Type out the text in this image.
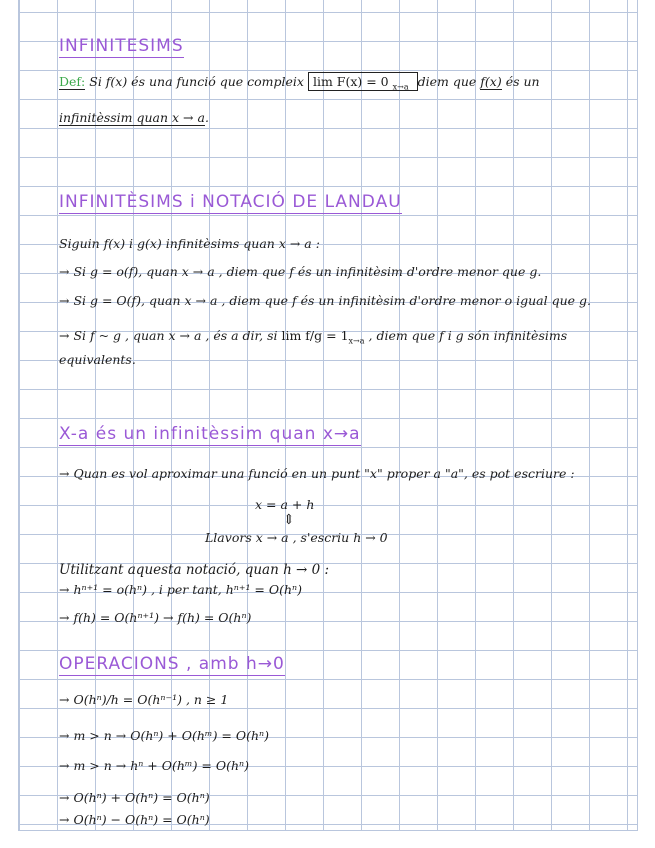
INFINITESIMS
Def: Si f(x) és una funció que compleix lim F(x) = 0 $_{x\to a}$ diem que f(x) és un
infinitèssim quan x → a.
INFINITÈSIMS i NOTACIÓ DE LANDAU
Siguin f(x) i g(x) infinitèsims quan x → a :
→ Si g = o(f), quan x → a , diem que f és un infinitèsim d'ordre menor que g.
→ Si g = O(f), quan x → a , diem que f és un infinitèsim d'ordre menor o igual que g.
→ Si f ~ g , quan x → a , és a dir, si $\lim f/g = 1_{x\to a}$ , diem que f i g són infinitèsims
equivalents.
X-a és un infinitèssim quan x→a
→ Quan es vol aproximar una funció en un punt "x" proper a "a", es pot escriure :
x = a + h
⇕
Llavors x → a , s'escriu h → 0
Utilitzant aquesta notació, quan h → 0 :
→ hⁿ⁺¹ = o(hⁿ) , i per tant, hⁿ⁺¹ = O(hⁿ)
→ f(h) = O(hⁿ⁺¹) → f(h) = O(hⁿ)
OPERACIONS , amb h→0
→ O(hⁿ)/h = O(hⁿ⁻¹) , n ≥ 1
→ m > n → O(hⁿ) + O(hᵐ) = O(hⁿ)
→ m > n → hⁿ + O(hᵐ) = O(hⁿ)
→ O(hⁿ) + O(hⁿ) = O(hⁿ)
→ O(hⁿ) − O(hⁿ) = O(hⁿ)
